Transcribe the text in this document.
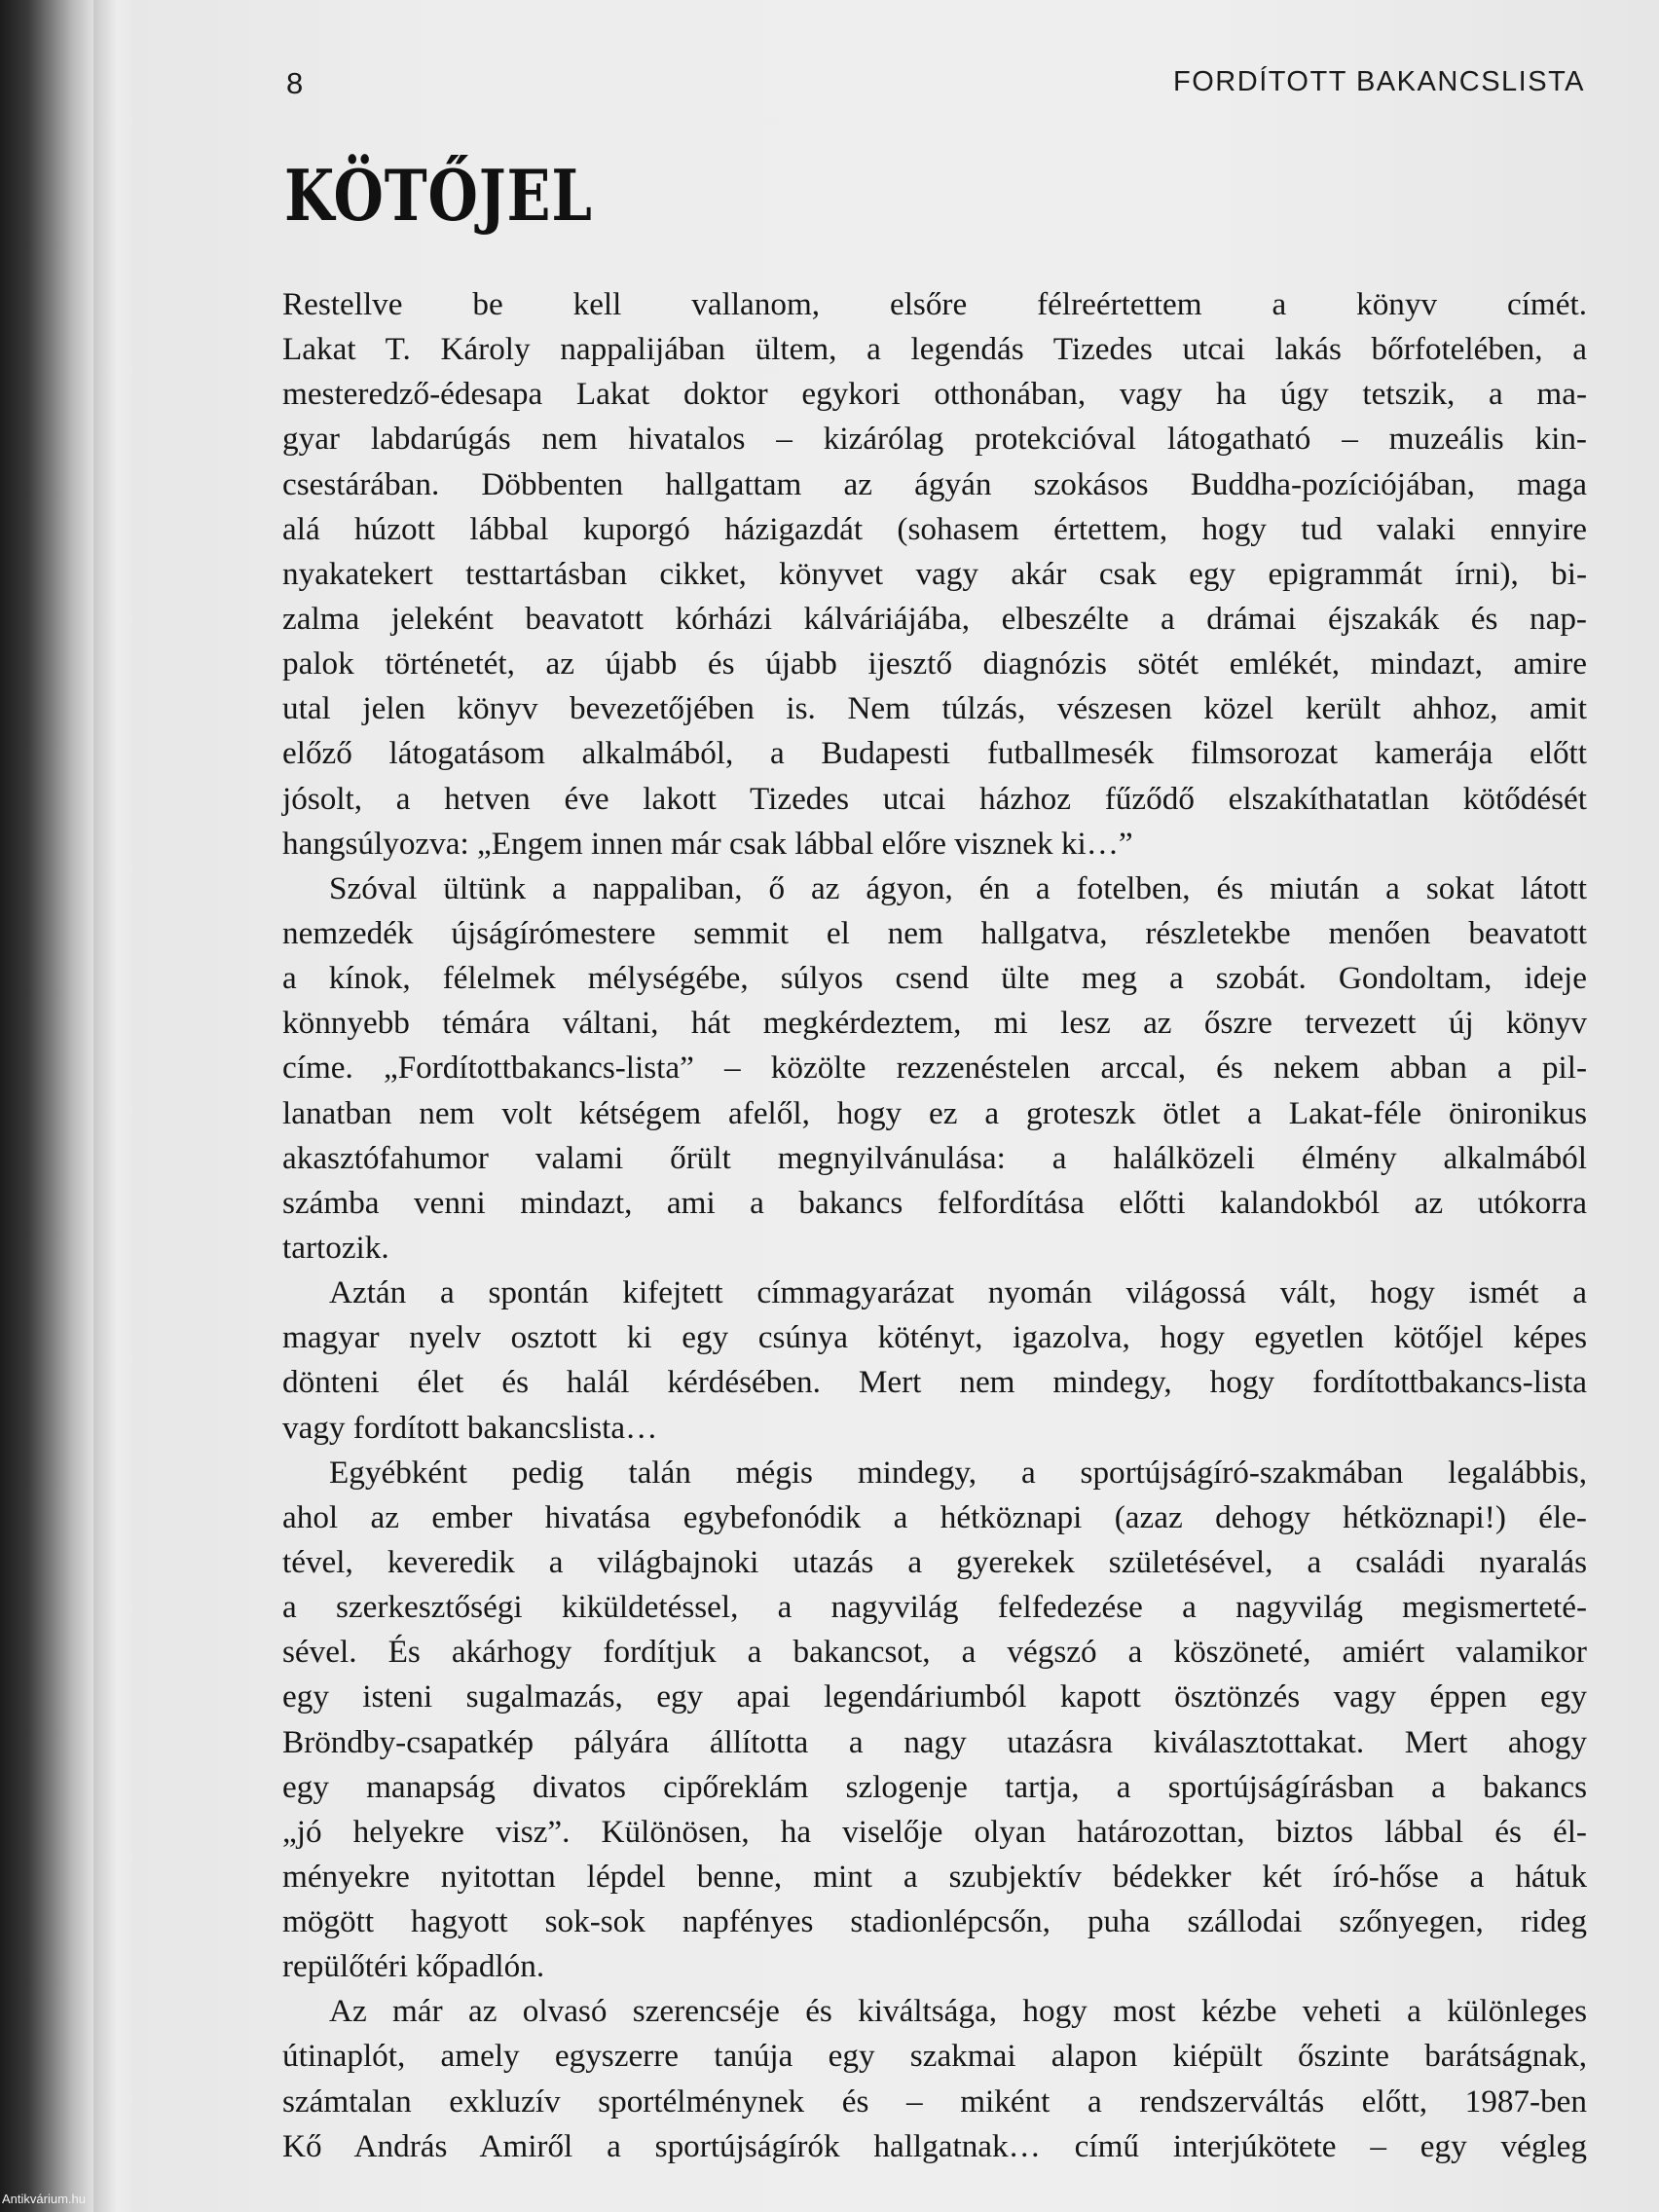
8	FORDÍTOTT BAKANCSLISTA
KÖTŐJEL
Restellve be kell vallanom, elsőre félreértettem a könyv címét.
Lakat T. Károly nappalijában ültem, a legendás Tizedes utcai lakás bőrfotelében, a
mesteredző-édesapa Lakat doktor egykori otthonában, vagy ha úgy tetszik, a ma-
gyar labdarúgás nem hivatalos – kizárólag protekcióval látogatható – muzeális kin-
csestárában. Döbbenten hallgattam az ágyán szokásos Buddha-pozíciójában, maga
alá húzott lábbal kuporgó házigazdát (sohasem értettem, hogy tud valaki ennyire
nyakatekert testtartásban cikket, könyvet vagy akár csak egy epigrammát írni), bi-
zalma jeleként beavatott kórházi kálváriájába, elbeszélte a drámai éjszakák és nap-
palok történetét, az újabb és újabb ijesztő diagnózis sötét emlékét, mindazt, amire
utal jelen könyv bevezetőjében is. Nem túlzás, vészesen közel került ahhoz, amit
előző látogatásom alkalmából, a Budapesti futballmesék filmsorozat kamerája előtt
jósolt, a hetven éve lakott Tizedes utcai házhoz fűződő elszakíthatatlan kötődését
hangsúlyozva: „Engem innen már csak lábbal előre visznek ki…”
Szóval ültünk a nappaliban, ő az ágyon, én a fotelben, és miután a sokat látott
nemzedék újságírómestere semmit el nem hallgatva, részletekbe menően beavatott
a kínok, félelmek mélységébe, súlyos csend ülte meg a szobát. Gondoltam, ideje
könnyebb témára váltani, hát megkérdeztem, mi lesz az őszre tervezett új könyv
címe. „Fordítottbakancs-lista” – közölte rezzenéstelen arccal, és nekem abban a pil-
lanatban nem volt kétségem afelől, hogy ez a groteszk ötlet a Lakat-féle önironikus
akasztófahumor valami őrült megnyilvánulása: a halálközeli élmény alkalmából
számba venni mindazt, ami a bakancs felfordítása előtti kalandokból az utókorra
tartozik.
Aztán a spontán kifejtett címmagyarázat nyomán világossá vált, hogy ismét a
magyar nyelv osztott ki egy csúnya kötényt, igazolva, hogy egyetlen kötőjel képes
dönteni élet és halál kérdésében. Mert nem mindegy, hogy fordítottbakancs-lista
vagy fordított bakancslista…
Egyébként pedig talán mégis mindegy, a sportújságíró-szakmában legalábbis,
ahol az ember hivatása egybefonódik a hétköznapi (azaz dehogy hétköznapi!) éle-
tével, keveredik a világbajnoki utazás a gyerekek születésével, a családi nyaralás
a szerkesztőségi kiküldetéssel, a nagyvilág felfedezése a nagyvilág megismerteté-
sével. És akárhogy fordítjuk a bakancsot, a végszó a köszöneté, amiért valamikor
egy isteni sugalmazás, egy apai legendáriumból kapott ösztönzés vagy éppen egy
Bröndby-csapatkép pályára állította a nagy utazásra kiválasztottakat. Mert ahogy
egy manapság divatos cipőreklám szlogenje tartja, a sportújságírásban a bakancs
„jó helyekre visz”. Különösen, ha viselője olyan határozottan, biztos lábbal és él-
ményekre nyitottan lépdel benne, mint a szubjektív bédekker két író-hőse a hátuk
mögött hagyott sok-sok napfényes stadionlépcsőn, puha szállodai szőnyegen, rideg
repülőtéri kőpadlón.
Az már az olvasó szerencséje és kiváltsága, hogy most kézbe veheti a különleges
útinaplót, amely egyszerre tanúja egy szakmai alapon kiépült őszinte barátságnak,
számtalan exkluzív sportélménynek és – miként a rendszerváltás előtt, 1987-ben
Kő András Amiről a sportújságírók hallgatnak… című interjúkötete – egy végleg
Antikvárium.hu
